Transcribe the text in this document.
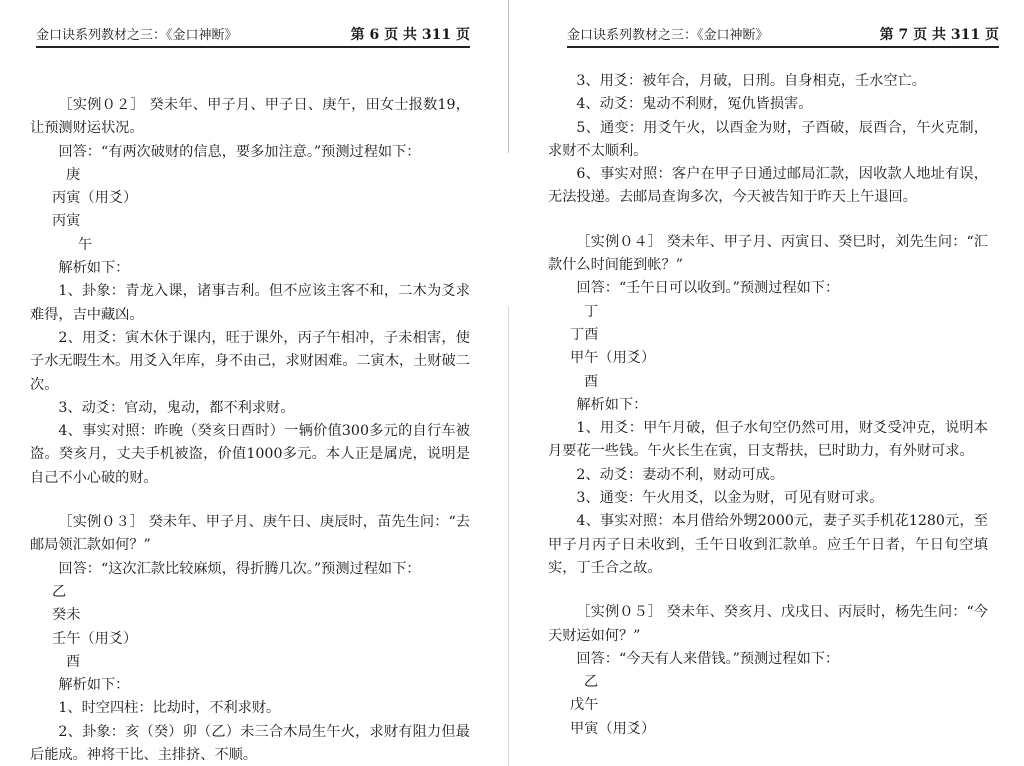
金口诀系列教材之三：《金口神断》	第 6 页 共 311 页

［实例０２］ 癸未年、甲子月、甲子日、庚午，田女士报数19，让预测财运状况。

回答：“有两次破财的信息，要多加注意。”预测过程如下：

庚

丙寅（用爻）

丙寅

午

解析如下：

1、卦象：青龙入课，诸事吉利。但不应该主客不和，二木为爻求难得，吉中藏凶。

2、用爻：寅木休于课内，旺于课外，丙子午相冲，子未相害，使子水无暇生木。用爻入年库，身不由己，求财困难。二寅木，土财破二次。

3、动爻：官动，鬼动，都不利求财。

4、事实对照：昨晚（癸亥日酉时）一辆价值300多元的自行车被盗。癸亥月，丈夫手机被盗，价值1000多元。本人正是属虎，说明是自己不小心破的财。

［实例０３］ 癸未年、甲子月、庚午日、庚辰时，苗先生问：“去邮局领汇款如何？”

回答：“这次汇款比较麻烦，得折腾几次。”预测过程如下：

乙

癸未

壬午（用爻）

酉

解析如下：

1、时空四柱：比劫时，不利求财。

2、卦象：亥（癸）卯（乙）未三合木局生午火，求财有阻力但最后能成。神将干比、主排挤、不顺。

金口诀系列教材之三：《金口神断》	第 7 页 共 311 页

3、用爻：被年合，月破，日刑。自身相克，壬水空亡。

4、动爻：鬼动不利财，冤仇皆损害。

5、通变：用爻午火，以酉金为财，子酉破，辰酉合，午火克制，求财不太顺利。

6、事实对照：客户在甲子日通过邮局汇款，因收款人地址有误，无法投递。去邮局查询多次，今天被告知于昨天上午退回。

［实例０４］ 癸未年、甲子月、丙寅日、癸巳时，刘先生问：“汇款什么时间能到帐？”

回答：“壬午日可以收到。”预测过程如下：

丁

丁酉

甲午（用爻）

酉

解析如下：

1、用爻：甲午月破，但子水旬空仍然可用，财爻受冲克，说明本月要花一些钱。午火长生在寅，日支帮扶，巳时助力，有外财可求。

2、动爻：妻动不利，财动可成。

3、通变：午火用爻，以金为财，可见有财可求。

4、事实对照：本月借给外甥2000元，妻子买手机花1280元，至甲子月丙子日未收到，壬午日收到汇款单。应壬午日者，午日旬空填实，丁壬合之故。

［实例０５］ 癸未年、癸亥月、戊戌日、丙辰时，杨先生问：“今天财运如何？”

回答：“今天有人来借钱。”预测过程如下：

乙

戊午

甲寅（用爻）
